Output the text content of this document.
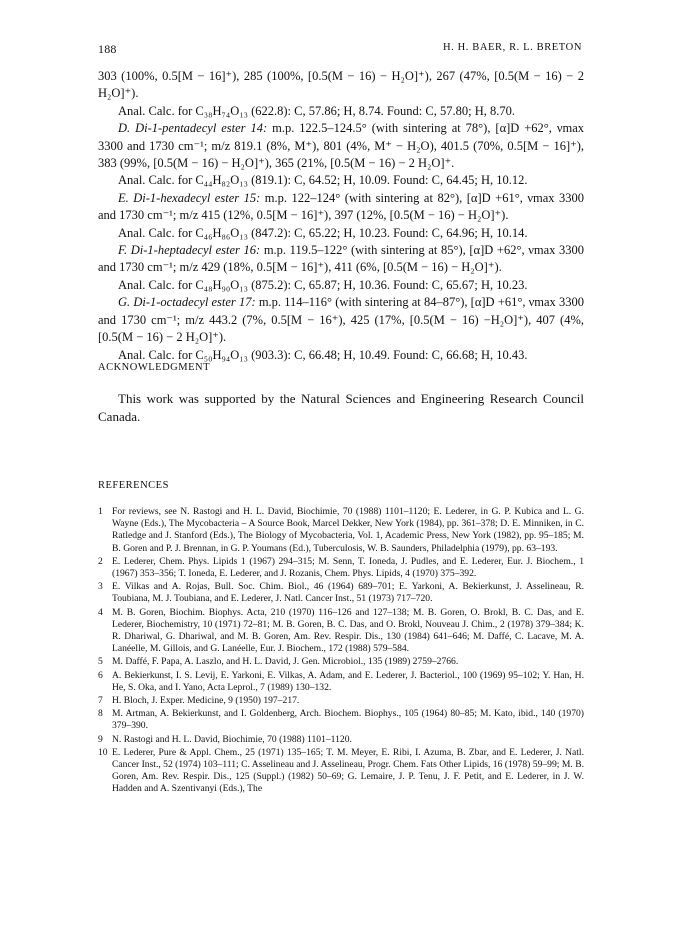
188	H. H. BAER, R. L. BRETON

303 (100%, 0.5[M − 16]⁺), 285 (100%, [0.5(M − 16) − H₂O]⁺), 267 (47%, [0.5(M − 16) − 2 H₂O]⁺).

Anal. Calc. for C₃₈H₇₄O₁₃ (622.8): C, 57.86; H, 8.74. Found: C, 57.80; H, 8.70.

D. Di-1-pentadecyl ester 14: m.p. 122.5–124.5° (with sintering at 78°), [α]D +62°, νmax 3300 and 1730 cm⁻¹; m/z 819.1 (8%, M⁺), 801 (4%, M⁺ − H₂O), 401.5 (70%, 0.5[M − 16]⁺), 383 (99%, [0.5(M − 16) − H₂O]⁺), 365 (21%, [0.5(M − 16) − 2 H₂O]⁺.

Anal. Calc. for C₄₄H₈₂O₁₃ (819.1): C, 64.52; H, 10.09. Found: C, 64.45; H, 10.12.

E. Di-1-hexadecyl ester 15: m.p. 122–124° (with sintering at 82°), [α]D +61°, νmax 3300 and 1730 cm⁻¹; m/z 415 (12%, 0.5[M − 16]⁺), 397 (12%, [0.5(M − 16) − H₂O]⁺).

Anal. Calc. for C₄₆H₈₆O₁₃ (847.2): C, 65.22; H, 10.23. Found: C, 64.96; H, 10.14.

F. Di-1-heptadecyl ester 16: m.p. 119.5–122° (with sintering at 85°), [α]D +62°, νmax 3300 and 1730 cm⁻¹; m/z 429 (18%, 0.5[M − 16]⁺), 411 (6%, [0.5(M − 16) − H₂O]⁺).

Anal. Calc. for C₄₈H₉₀O₁₃ (875.2): C, 65.87; H, 10.36. Found: C, 65.67; H, 10.23.

G. Di-1-octadecyl ester 17: m.p. 114–116° (with sintering at 84–87°), [α]D +61°, νmax 3300 and 1730 cm⁻¹; m/z 443.2 (7%, 0.5[M − 16⁺), 425 (17%, [0.5(M − 16) −H₂O]⁺), 407 (4%, [0.5(M − 16) − 2 H₂O]⁺).

Anal. Calc. for C₅₀H₉₄O₁₃ (903.3): C, 66.48; H, 10.49. Found: C, 66.68; H, 10.43.

ACKNOWLEDGMENT

This work was supported by the Natural Sciences and Engineering Research Council Canada.

REFERENCES
1 For reviews, see N. Rastogi and H. L. David, Biochimie, 70 (1988) 1101–1120; E. Lederer, in G. P. Kubica and L. G. Wayne (Eds.), The Mycobacteria – A Source Book, Marcel Dekker, New York (1984), pp. 361–378; D. E. Minniken, in C. Ratledge and J. Stanford (Eds.), The Biology of Mycobacteria, Vol. 1, Academic Press, New York (1982), pp. 95–185; M. B. Goren and P. J. Brennan, in G. P. Youmans (Ed.), Tuberculosis, W. B. Saunders, Philadelphia (1979), pp. 63–193.
2 E. Lederer, Chem. Phys. Lipids 1 (1967) 294–315; M. Senn, T. Ioneda, J. Pudles, and E. Lederer, Eur. J. Biochem., 1 (1967) 353–356; T. Ioneda, E. Lederer, and J. Rozanis, Chem. Phys. Lipids, 4 (1970) 375–392.
3 E. Vilkas and A. Rojas, Bull. Soc. Chim. Biol., 46 (1964) 689–701; E. Yarkoni, A. Bekierkunst, J. Asselineau, R. Toubiana, M. J. Toubiana, and E. Lederer, J. Natl. Cancer Inst., 51 (1973) 717–720.
4 M. B. Goren, Biochim. Biophys. Acta, 210 (1970) 116–126 and 127–138; M. B. Goren, O. Brokl, B. C. Das, and E. Lederer, Biochemistry, 10 (1971) 72–81; M. B. Goren, B. C. Das, and O. Brokl, Nouveau J. Chim., 2 (1978) 379–384; K. R. Dhariwal, G. Dhariwal, and M. B. Goren, Am. Rev. Respir. Dis., 130 (1984) 641–646; M. Daffé, C. Lacave, M. A. Lanéelle, M. Gillois, and G. Lanéelle, Eur. J. Biochem., 172 (1988) 579–584.
5 M. Daffé, F. Papa, A. Laszlo, and H. L. David, J. Gen. Microbiol., 135 (1989) 2759–2766.
6 A. Bekierkunst, I. S. Levij, E. Yarkoni, E. Vilkas, A. Adam, and E. Lederer, J. Bacteriol., 100 (1969) 95–102; Y. Han, H. He, S. Oka, and I. Yano, Acta Leprol., 7 (1989) 130–132.
7 H. Bloch, J. Exper. Medicine, 9 (1950) 197–217.
8 M. Artman, A. Bekierkunst, and I. Goldenberg, Arch. Biochem. Biophys., 105 (1964) 80–85; M. Kato, ibid., 140 (1970) 379–390.
9 N. Rastogi and H. L. David, Biochimie, 70 (1988) 1101–1120.
10 E. Lederer, Pure & Appl. Chem., 25 (1971) 135–165; T. M. Meyer, E. Ribi, I. Azuma, B. Zbar, and E. Lederer, J. Natl. Cancer Inst., 52 (1974) 103–111; C. Asselineau and J. Asselineau, Progr. Chem. Fats Other Lipids, 16 (1978) 59–99; M. B. Goren, Am. Rev. Respir. Dis., 125 (Suppl.) (1982) 50–69; G. Lemaire, J. P. Tenu, J. F. Petit, and E. Lederer, in J. W. Hadden and A. Szentivanyi (Eds.), The
